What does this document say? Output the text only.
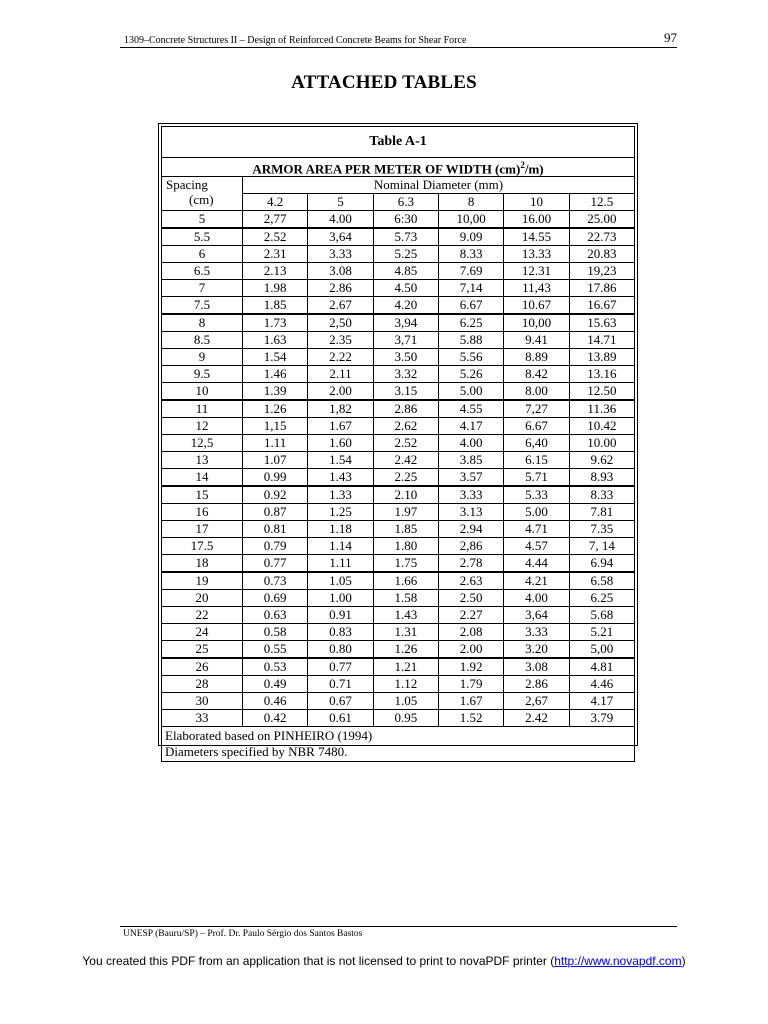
1309–Concrete Structures II – Design of Reinforced Concrete Beams for Shear Force	97
ATTACHED TABLES
Table A-1						
ARMOR AREA PER METER OF WIDTH (cm)$^2$/m)						

Spacing
(cm)	Nominal Diameter (mm)					
	4.2	5	6.3	8	10	12.5
5	2,77	4.00	6:30	10,00	16.00	25.00
5.5	2.52	3,64	5.73	9.09	14.55	22.73
6	2.31	3.33	5.25	8.33	13.33	20.83
6.5	2.13	3.08	4.85	7.69	12.31	19,23
7	1.98	2.86	4.50	7,14	11,43	17.86
7.5	1.85	2.67	4.20	6.67	10.67	16.67
8	1.73	2,50	3,94	6.25	10,00	15.63
8.5	1.63	2.35	3,71	5.88	9.41	14.71
9	1.54	2.22	3.50	5.56	8.89	13.89
9.5	1.46	2.11	3.32	5.26	8.42	13.16
10	1.39	2.00	3.15	5.00	8.00	12.50
11	1.26	1,82	2.86	4.55	7,27	11.36
12	1,15	1.67	2.62	4.17	6.67	10.42
12,5	1.11	1.60	2.52	4.00	6,40	10.00
13	1.07	1.54	2.42	3.85	6.15	9.62
14	0.99	1.43	2.25	3.57	5.71	8.93
15	0.92	1.33	2.10	3.33	5.33	8.33
16	0.87	1.25	1.97	3.13	5.00	7.81
17	0.81	1.18	1.85	2.94	4.71	7.35
17.5	0.79	1.14	1.80	2,86	4.57	7, 14
18	0.77	1.11	1.75	2.78	4.44	6.94
19	0.73	1.05	1.66	2.63	4.21	6.58
20	0.69	1.00	1.58	2.50	4.00	6.25
22	0.63	0.91	1.43	2.27	3,64	5.68
24	0.58	0.83	1.31	2.08	3.33	5.21
25	0.55	0.80	1.26	2.00	3.20	5,00
26	0.53	0.77	1.21	1.92	3.08	4.81
28	0.49	0.71	1.12	1.79	2.86	4.46
30	0.46	0.67	1.05	1.67	2,67	4.17
33	0.42	0.61	0.95	1.52	2.42	3.79

Elaborated based on PINHEIRO (1994)
Diameters specified by NBR 7480.						
UNESP (Bauru/SP) – Prof. Dr. Paulo Sérgio dos Santos Bastos
You created this PDF from an application that is not licensed to print to novaPDF printer (http://www.novapdf.com)
